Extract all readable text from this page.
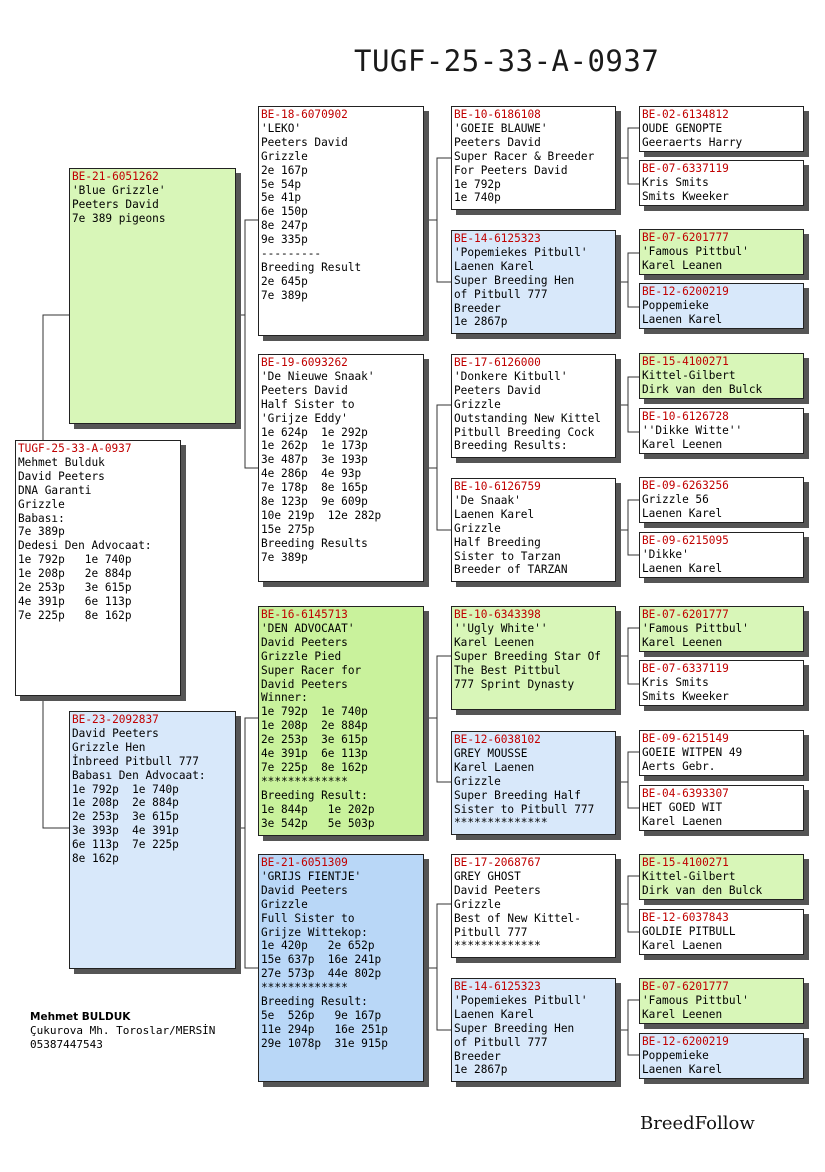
TUGF-25-33-A-0937
TUGF-25-33-A-0937
Mehmet Bulduk
David Peeters
DNA Garanti
Grizzle
Babası:
7e 389p
Dedesi Den Advocaat:
1e 792p   1e 740p
1e 208p   2e 884p
2e 253p   3e 615p
4e 391p   6e 113p
7e 225p   8e 162p
BE-21-6051262
'Blue Grizzle'
Peeters David
7e 389 pigeons
BE-23-2092837
David Peeters
Grizzle Hen
İnbreed Pitbull 777
Babası Den Advocaat:
1e 792p  1e 740p
1e 208p  2e 884p
2e 253p  3e 615p
3e 393p  4e 391p
6e 113p  7e 225p
8e 162p
BE-18-6070902
'LEKO'
Peeters David
Grizzle
2e 167p
5e 54p
5e 41p
6e 150p
8e 247p
9e 335p
---------
Breeding Result
2e 645p
7e 389p
BE-19-6093262
'De Nieuwe Snaak'
Peeters David
Half Sister to
'Grijze Eddy'
1e 624p  1e 292p
1e 262p  1e 173p
3e 487p  3e 193p
4e 286p  4e 93p
7e 178p  8e 165p
8e 123p  9e 609p
10e 219p  12e 282p
15e 275p
Breeding Results
7e 389p
BE-16-6145713
'DEN ADVOCAAT'
David Peeters
Grizzle Pied
Super Racer for
David Peeters
Winner:
1e 792p  1e 740p
1e 208p  2e 884p
2e 253p  3e 615p
4e 391p  6e 113p
7e 225p  8e 162p
*************
Breeding Result:
1e 844p   1e 202p
3e 542p   5e 503p
BE-21-6051309
'GRIJS FIENTJE'
David Peeters
Grizzle
Full Sister to
Grijze Wittekop:
1e 420p   2e 652p
15e 637p  16e 241p
27e 573p  44e 802p
*************
Breeding Result:
5e  526p   9e 167p
11e 294p   16e 251p
29e 1078p  31e 915p
BE-10-6186108
'GOEIE BLAUWE'
Peeters David
Super Racer & Breeder
For Peeters David
1e 792p
1e 740p
BE-14-6125323
'Popemiekes Pitbull'
Laenen Karel
Super Breeding Hen
of Pitbull 777
Breeder
1e 2867p
BE-17-6126000
'Donkere Kitbull'
Peeters David
Grizzle
Outstanding New Kittel
Pitbull Breeding Cock
Breeding Results:
BE-10-6126759
'De Snaak'
Laenen Karel
Grizzle
Half Breeding
Sister to Tarzan
Breeder of TARZAN
BE-10-6343398
''Ugly White''
Karel Leenen
Super Breeding Star Of
The Best Pittbul
777 Sprint Dynasty
BE-12-6038102
GREY MOUSSE
Karel Laenen
Grizzle
Super Breeding Half
Sister to Pitbull 777
**************
BE-17-2068767
GREY GHOST
David Peeters
Grizzle
Best of New Kittel-
Pitbull 777
*************
BE-14-6125323
'Popemiekes Pitbull'
Laenen Karel
Super Breeding Hen
of Pitbull 777
Breeder
1e 2867p
BE-02-6134812
OUDE GENOPTE
Geeraerts Harry
BE-07-6337119
Kris Smits
Smits Kweeker
BE-07-6201777
'Famous Pittbul'
Karel Leanen
BE-12-6200219
Poppemieke
Laenen Karel
BE-15-4100271
Kittel-Gilbert
Dirk van den Bulck
BE-10-6126728
''Dikke Witte''
Karel Leenen
BE-09-6263256
Grizzle 56
Laenen Karel
BE-09-6215095
'Dikke'
Laenen Karel
BE-07-6201777
'Famous Pittbul'
Karel Leenen
BE-07-6337119
Kris Smits
Smits Kweeker
BE-09-6215149
GOEIE WITPEN 49
Aerts Gebr.
BE-04-6393307
HET GOED WIT
Karel Laenen
BE-15-4100271
Kittel-Gilbert
Dirk van den Bulck
BE-12-6037843
GOLDIE PITBULL
Karel Laenen
BE-07-6201777
'Famous Pittbul'
Karel Leenen
BE-12-6200219
Poppemieke
Laenen Karel
Mehmet BULDUK
Çukurova Mh. Toroslar/MERSİN
05387447543
BreedFollow
